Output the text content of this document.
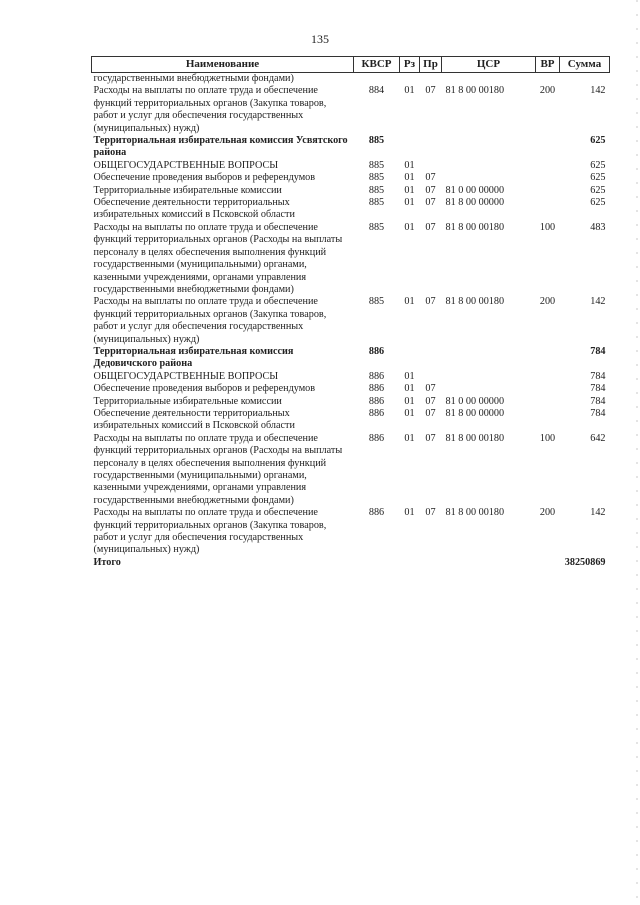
135
Наименование	КВСР	Рз	Пр	ЦСР	ВР	Сумма
государственными внебюджетными фондами)						
Расходы на выплаты по оплате труда и обеспечение функций территориальных органов (Закупка товаров, работ и услуг для обеспечения государственных (муниципальных) нужд)	884	01	07	81 8 00 00180	200	142
Территориальная избирательная комиссия Усвятского района	885					625
ОБЩЕГОСУДАРСТВЕННЫЕ ВОПРОСЫ	885	01				625
Обеспечение проведения выборов и референдумов	885	01	07			625
Территориальные избирательные комиссии	885	01	07	81 0 00 00000		625
Обеспечение деятельности территориальных избирательных комиссий в Псковской области	885	01	07	81 8 00 00000		625
Расходы на выплаты по оплате труда и обеспечение функций территориальных органов (Расходы на выплаты персоналу в целях обеспечения выполнения функций государственными (муниципальными) органами, казенными учреждениями, органами управления государственными внебюджетными фондами)	885	01	07	81 8 00 00180	100	483
Расходы на выплаты по оплате труда и обеспечение функций территориальных органов (Закупка товаров, работ и услуг для обеспечения государственных (муниципальных) нужд)	885	01	07	81 8 00 00180	200	142
Территориальная избирательная комиссия Дедовичского района	886					784
ОБЩЕГОСУДАРСТВЕННЫЕ ВОПРОСЫ	886	01				784
Обеспечение проведения выборов и референдумов	886	01	07			784
Территориальные избирательные комиссии	886	01	07	81 0 00 00000		784
Обеспечение деятельности территориальных избирательных комиссий в Псковской области	886	01	07	81 8 00 00000		784
Расходы на выплаты по оплате труда и обеспечение функций территориальных органов (Расходы на выплаты персоналу в целях обеспечения выполнения функций государственными (муниципальными) органами, казенными учреждениями, органами управления государственными внебюджетными фондами)	886	01	07	81 8 00 00180	100	642
Расходы на выплаты по оплате труда и обеспечение функций территориальных органов (Закупка товаров, работ и услуг для обеспечения государственных (муниципальных) нужд)	886	01	07	81 8 00 00180	200	142
Итого						38250869
